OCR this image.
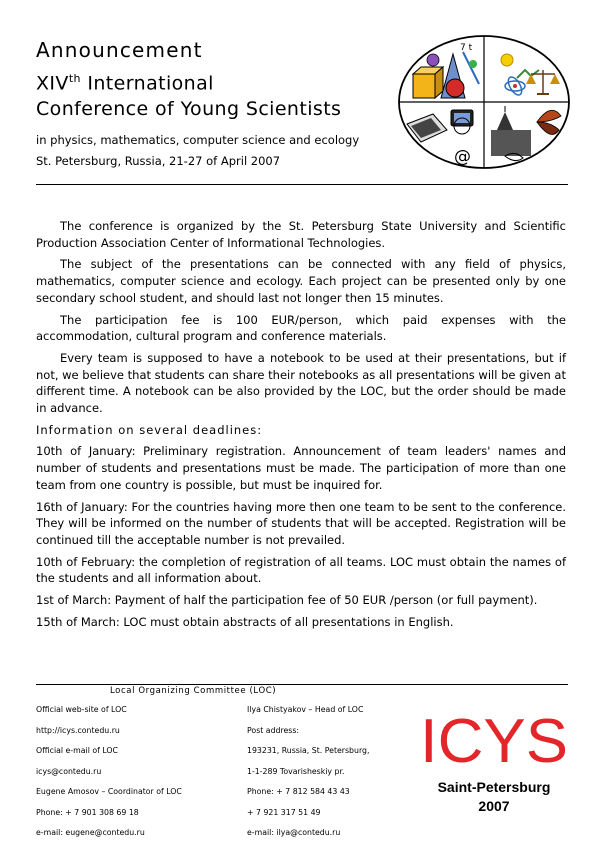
Announcement
XIVth International
Conference of Young Scientists
in physics, mathematics, computer science and ecology
St. Petersburg, Russia, 21-27 of April 2007
7 t
@

The conference is organized by the St. Petersburg State University and Scientific Production Association Center of Informational Technologies.

The subject of the presentations can be connected with any field of physics, mathematics, computer science and ecology. Each project can be presented only by one secondary school student, and should last not longer then 15 minutes.

The participation fee is 100 EUR/person, which paid expenses with the accommodation, cultural program and conference materials.

Every team is supposed to have a notebook to be used at their presentations, but if not, we believe that students can share their notebooks as all presentations will be given at different time. A notebook can be also provided by the LOC, but the order should be made in advance.

Information on several deadlines:

10th of January: Preliminary registration. Announcement of team leaders' names and number of students and presentations must be made. The participation of more than one team from one country is possible, but must be inquired for.

16th of January: For the countries having more then one team to be sent to the conference. They will be informed on the number of students that will be accepted. Registration will be continued till the acceptable number is not prevailed.

10th of February: the completion of registration of all teams. LOC must obtain the names of the students and all information about.

1st of March: Payment of half the participation fee of 50 EUR /person (or full payment).

15th of March: LOC must obtain abstracts of all presentations in English.

Local Organizing Committee (LOC)
Official web-site of LOC
http://icys.contedu.ru
Official e-mail of LOC
icys@contedu.ru
Eugene Amosov – Coordinator of LOC
Phone: + 7 901 308 69 18
e-mail: eugene@contedu.ru
Ilya Chistyakov – Head of LOC
Post address:
193231, Russia, St. Petersburg,
1-1-289 Tovarisheskiy pr.
Phone: + 7 812 584 43 43
+ 7 921 317 51 49
e-mail: ilya@contedu.ru
ICYS
Saint-Petersburg
2007
